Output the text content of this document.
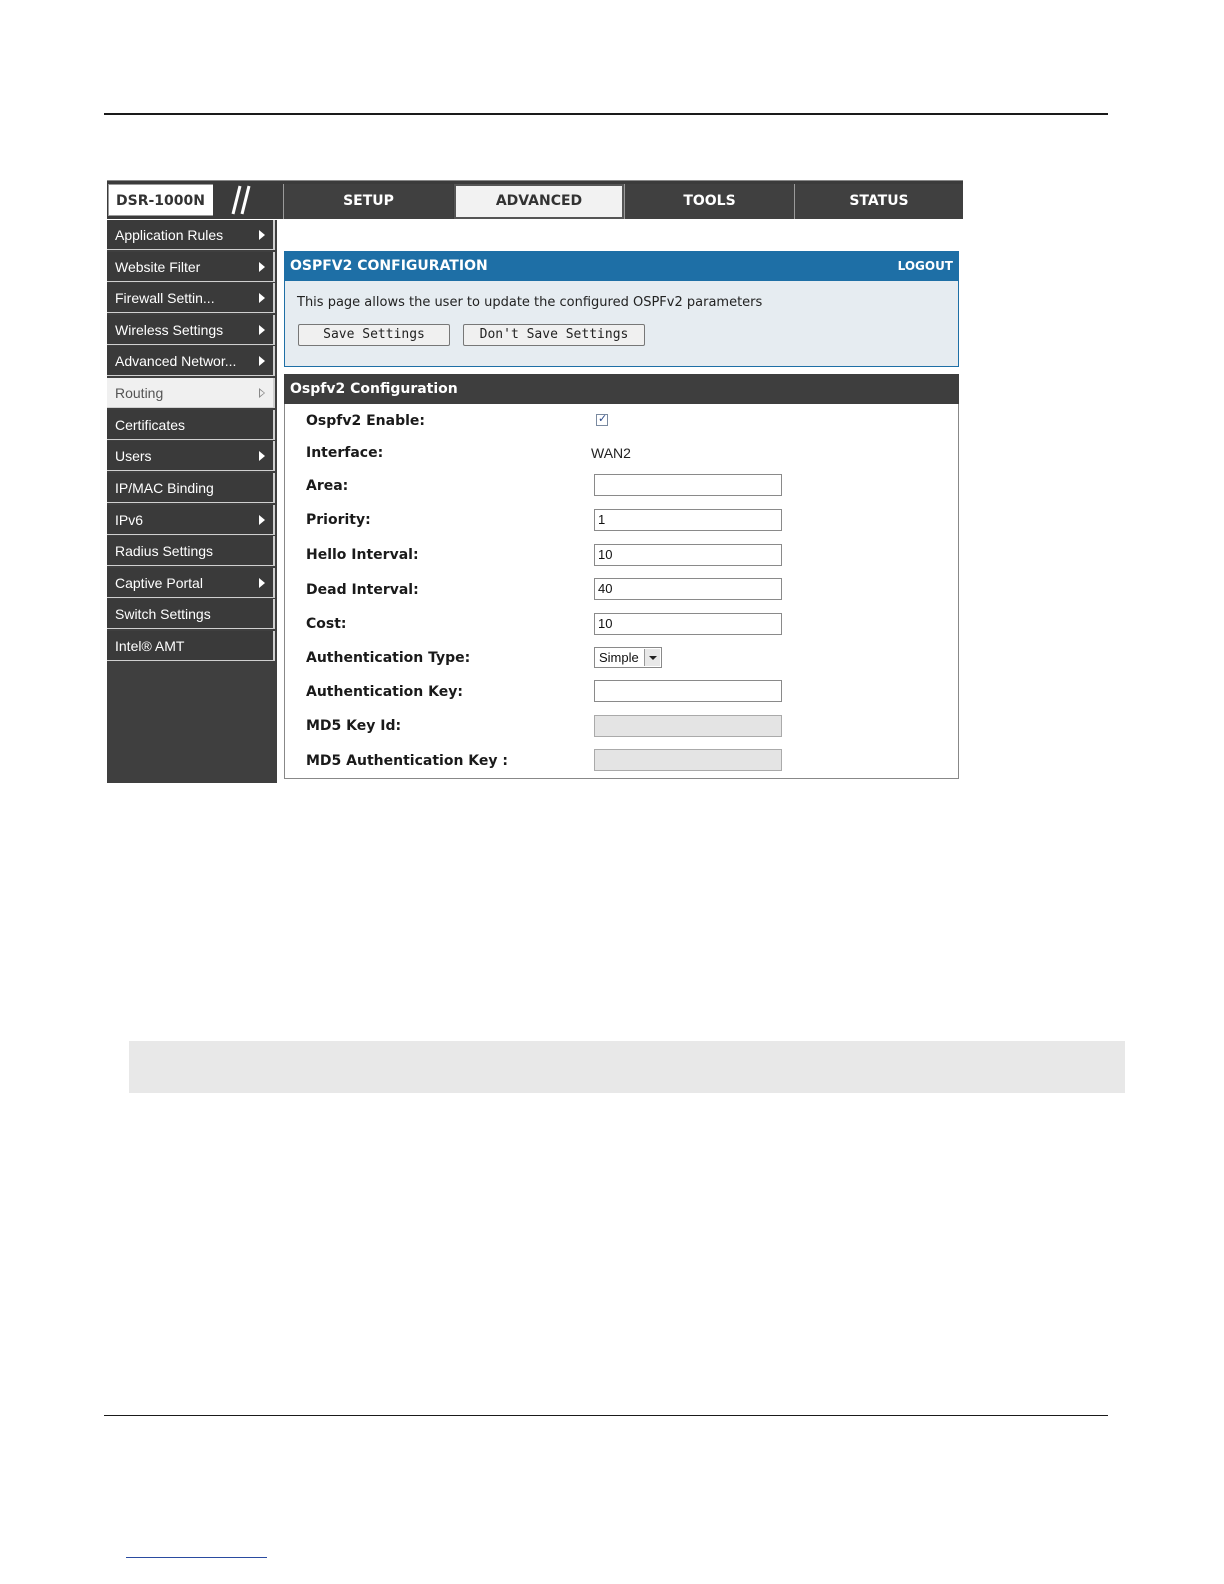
DSR-1000N	SETUP	ADVANCED	TOOLS	STATUS
Application Rules
Website Filter
Firewall Settin...
Wireless Settings
Advanced Networ...
Routing
Certificates
Users
IP/MAC Binding
IPv6
Radius Settings
Captive Portal
Switch Settings
Intel® AMT
OSPFV2 CONFIGURATION	LOGOUT
This page allows the user to update the configured OSPFv2 parameters
Save Settings	Don't Save Settings
Ospfv2 Configuration
Ospfv2 Enable:	✓
Interface:	WAN2
Area:
Priority:	1
Hello Interval:	10
Dead Interval:	40
Cost:	10
Authentication Type:	Simple
Authentication Key:
MD5 Key Id:
MD5 Authentication Key :
